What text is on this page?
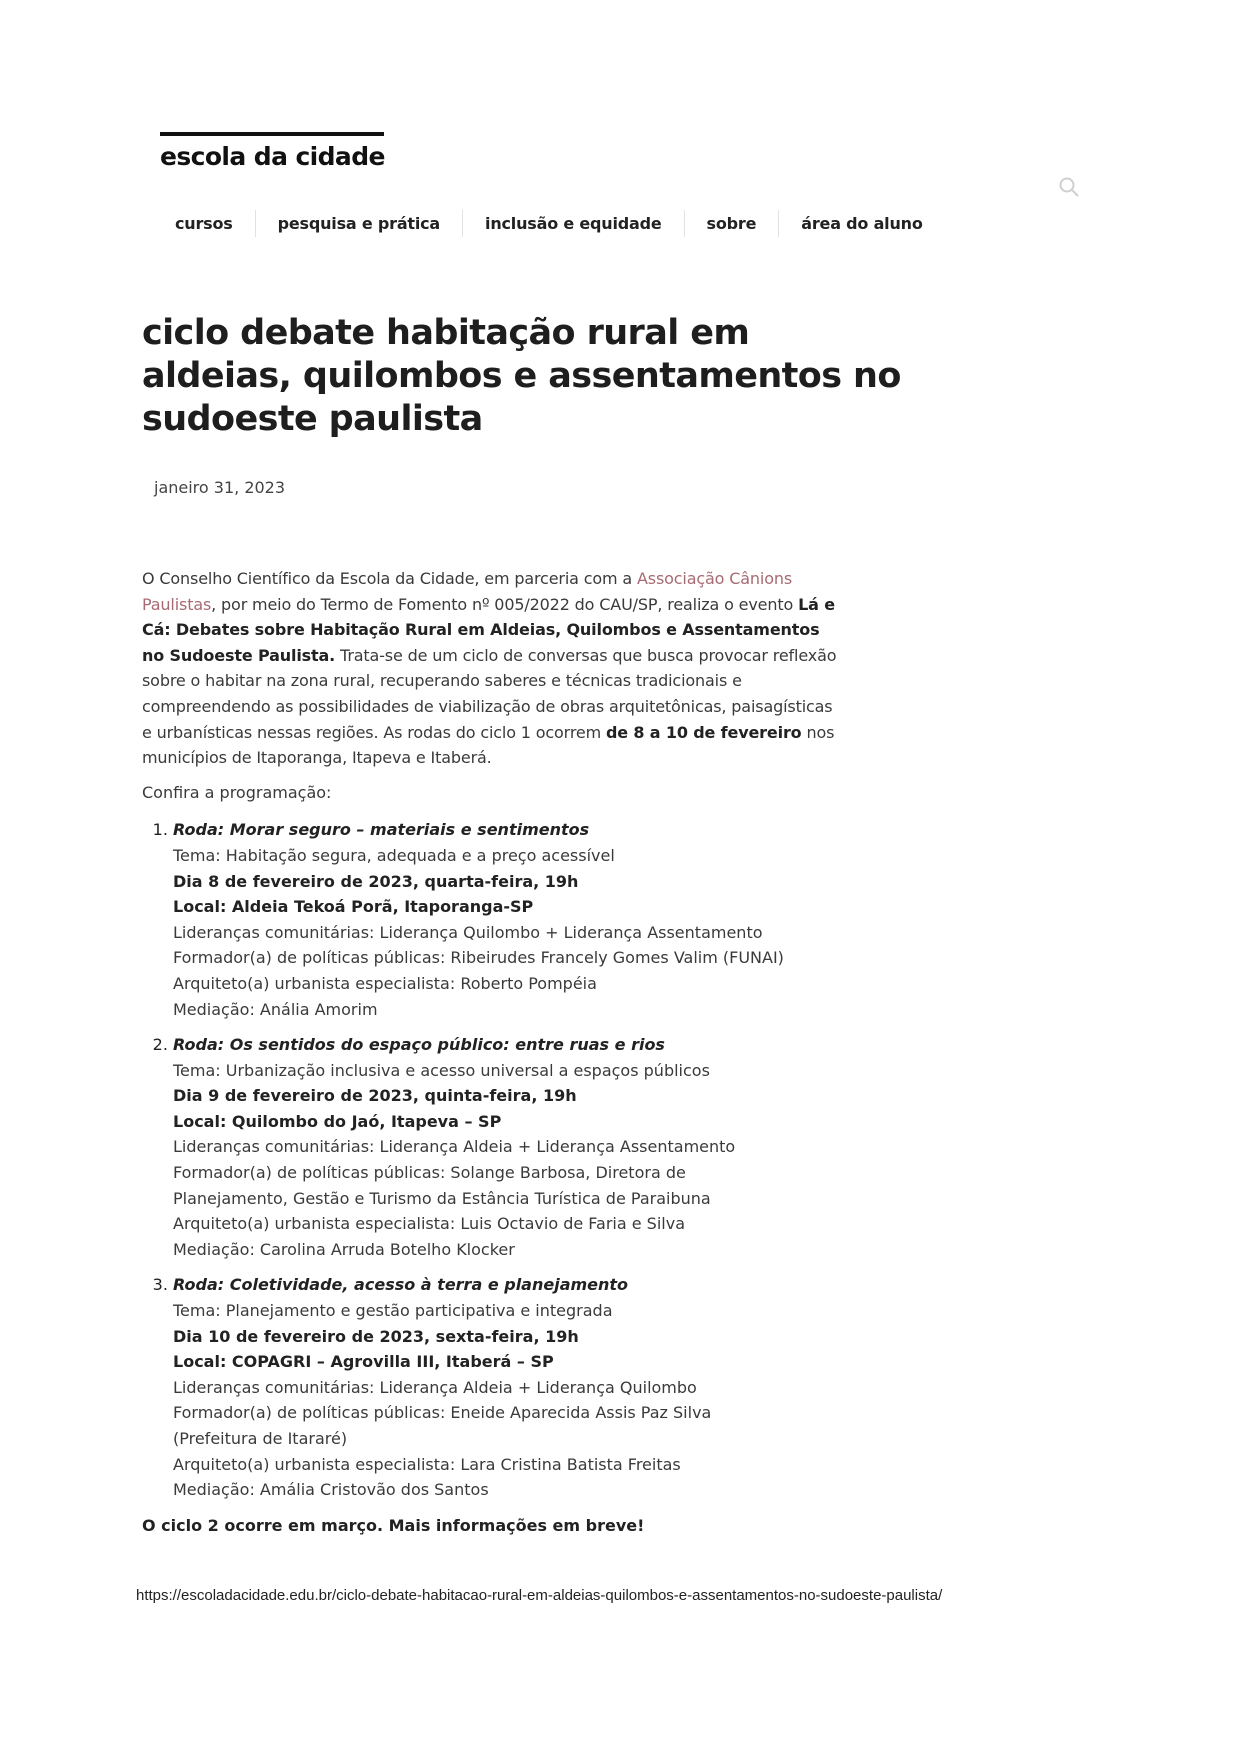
escola da cidade
cursos	pesquisa e prática	inclusão e equidade	sobre	área do aluno
ciclo debate habitação rural em aldeias, quilombos e assentamentos no sudoeste paulista
janeiro 31, 2023

O Conselho Científico da Escola da Cidade, em parceria com a Associação Cânions Paulistas, por meio do Termo de Fomento nº 005/2022 do CAU/SP, realiza o evento Lá e Cá: Debates sobre Habitação Rural em Aldeias, Quilombos e Assentamentos no Sudoeste Paulista. Trata-se de um ciclo de conversas que busca provocar reflexão sobre o habitar na zona rural, recuperando saberes e técnicas tradicionais e compreendendo as possibilidades de viabilização de obras arquitetônicas, paisagísticas e urbanísticas nessas regiões. As rodas do ciclo 1 ocorrem de 8 a 10 de fevereiro nos municípios de Itaporanga, Itapeva e Itaberá.

Confira a programação:

1. Roda: Morar seguro – materiais e sentimentos
Tema: Habitação segura, adequada e a preço acessível
Dia 8 de fevereiro de 2023, quarta-feira, 19h
Local: Aldeia Tekoá Porã, Itaporanga-SP
Lideranças comunitárias: Liderança Quilombo + Liderança Assentamento
Formador(a) de políticas públicas: Ribeirudes Francely Gomes Valim (FUNAI)
Arquiteto(a) urbanista especialista: Roberto Pompéia
Mediação: Anália Amorim
2. Roda: Os sentidos do espaço público: entre ruas e rios
Tema: Urbanização inclusiva e acesso universal a espaços públicos
Dia 9 de fevereiro de 2023, quinta-feira, 19h
Local: Quilombo do Jaó, Itapeva – SP
Lideranças comunitárias: Liderança Aldeia + Liderança Assentamento
Formador(a) de políticas públicas: Solange Barbosa, Diretora de
Planejamento, Gestão e Turismo da Estância Turística de Paraibuna
Arquiteto(a) urbanista especialista: Luis Octavio de Faria e Silva
Mediação: Carolina Arruda Botelho Klocker
3. Roda: Coletividade, acesso à terra e planejamento
Tema: Planejamento e gestão participativa e integrada
Dia 10 de fevereiro de 2023, sexta-feira, 19h
Local: COPAGRI – Agrovilla III, Itaberá – SP
Lideranças comunitárias: Liderança Aldeia + Liderança Quilombo
Formador(a) de políticas públicas: Eneide Aparecida Assis Paz Silva
(Prefeitura de Itararé)
Arquiteto(a) urbanista especialista: Lara Cristina Batista Freitas
Mediação: Amália Cristovão dos Santos

O ciclo 2 ocorre em março. Mais informações em breve!

https://escoladacidade.edu.br/ciclo-debate-habitacao-rural-em-aldeias-quilombos-e-assentamentos-no-sudoeste-paulista/
